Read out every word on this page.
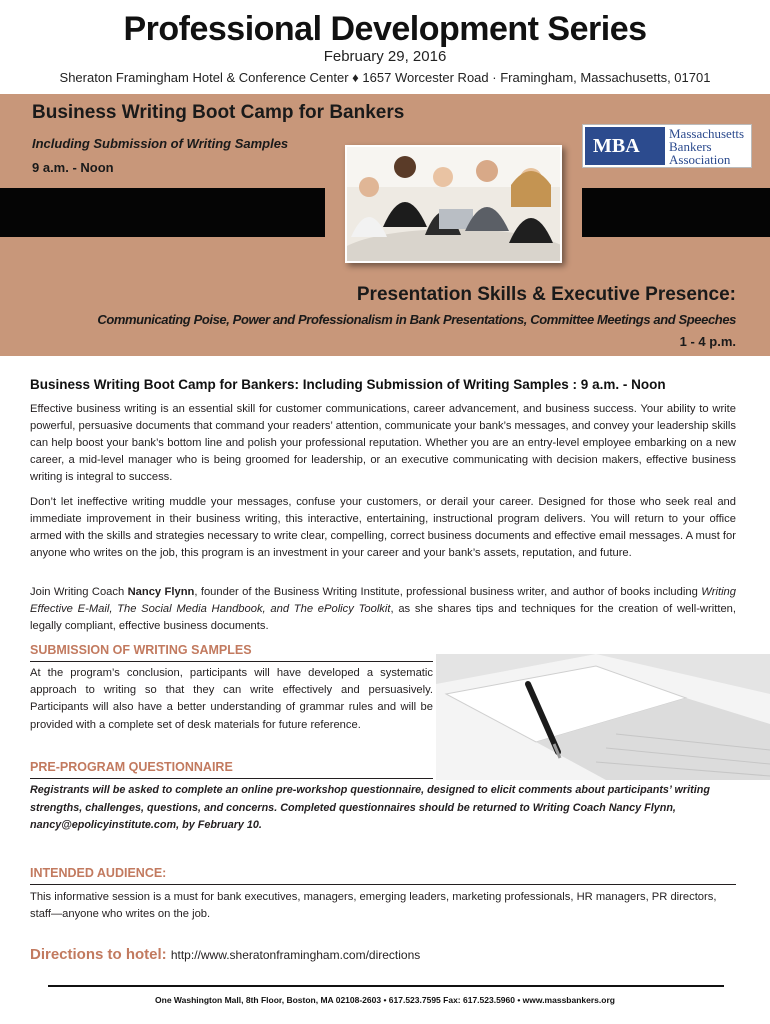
Professional Development Series
February 29, 2016
Sheraton Framingham Hotel & Conference Center ♦ 1657 Worcester Road · Framingham, Massachusetts, 01701
Business Writing Boot Camp for Bankers
Including Submission of Writing Samples
9 a.m. - Noon
MBA
Massachusetts
Bankers
Association
Presentation Skills & Executive Presence:
Communicating Poise, Power and Professionalism in Bank Presentations, Committee Meetings and Speeches
1 - 4 p.m.
Business Writing Boot Camp for Bankers: Including Submission of Writing Samples : 9 a.m. - Noon
Effective business writing is an essential skill for customer communications, career advancement, and business success. Your ability to write powerful, persuasive documents that command your readers’ attention, communicate your bank’s messages, and convey your leadership skills can help boost your bank’s bottom line and polish your professional reputation. Whether you are an entry-level employee embarking on a new career, a mid-level manager who is being groomed for leadership, or an executive communicating with decision makers, effective business writing is integral to success.
Don’t let ineffective writing muddle your messages, confuse your customers, or derail your career. Designed for those who seek real and immediate improvement in their business writing, this interactive, entertaining, instructional program delivers. You will return to your office armed with the skills and strategies necessary to write clear, compelling, correct business documents and effective email messages. A must for anyone who writes on the job, this program is an investment in your career and your bank’s assets, reputation, and future.
Join Writing Coach Nancy Flynn, founder of the Business Writing Institute, professional business writer, and author of books including Writing Effective E-Mail, The Social Media Handbook, and The ePolicy Toolkit, as she shares tips and techniques for the creation of well-written, legally compliant, effective business documents.
SUBMISSION OF WRITING SAMPLES
At the program’s conclusion, participants will have developed a systematic approach to writing so that they can write effectively and persuasively. Participants will also have a better understanding of grammar rules and will be provided with a complete set of desk materials for future reference.
PRE-PROGRAM QUESTIONNAIRE
Registrants will be asked to complete an online pre-workshop questionnaire, designed to elicit comments about participants’ writing strengths, challenges, questions, and concerns. Completed questionnaires should be returned to Writing Coach Nancy Flynn, nancy@epolicyinstitute.com, by February 10.
INTENDED AUDIENCE:
This informative session is a must for bank executives, managers, emerging leaders, marketing professionals, HR managers, PR directors, staff—anyone who writes on the job.
Directions to hotel: http://www.sheratonframingham.com/directions
One Washington Mall, 8th Floor, Boston, MA 02108-2603 • 617.523.7595 Fax: 617.523.5960 • www.massbankers.org
